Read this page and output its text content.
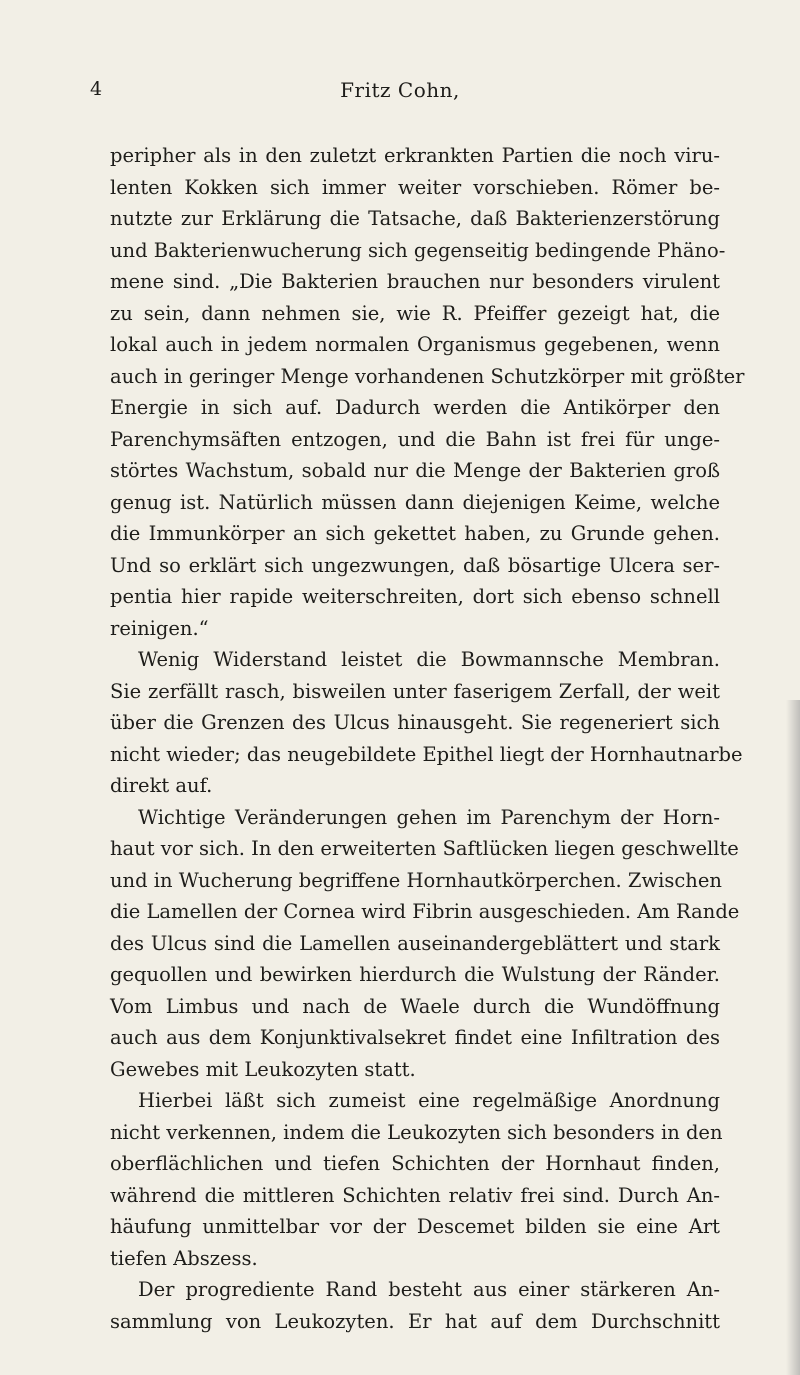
4	Fritz Cohn,
peripher als in den zuletzt erkrankten Partien die noch viru-
lenten Kokken sich immer weiter vorschieben. Römer be-
nutzte zur Erklärung die Tatsache, daß Bakterienzerstörung
und Bakterienwucherung sich gegenseitig bedingende Phäno-
mene sind. „Die Bakterien brauchen nur besonders virulent
zu sein, dann nehmen sie, wie R. Pfeiffer gezeigt hat, die
lokal auch in jedem normalen Organismus gegebenen, wenn
auch in geringer Menge vorhandenen Schutzkörper mit größter
Energie in sich auf. Dadurch werden die Antikörper den
Parenchymsäften entzogen, und die Bahn ist frei für unge-
störtes Wachstum, sobald nur die Menge der Bakterien groß
genug ist. Natürlich müssen dann diejenigen Keime, welche
die Immunkörper an sich gekettet haben, zu Grunde gehen.
Und so erklärt sich ungezwungen, daß bösartige Ulcera ser-
pentia hier rapide weiterschreiten, dort sich ebenso schnell
reinigen.“
Wenig Widerstand leistet die Bowmannsche Membran.
Sie zerfällt rasch, bisweilen unter faserigem Zerfall, der weit
über die Grenzen des Ulcus hinausgeht. Sie regeneriert sich
nicht wieder; das neugebildete Epithel liegt der Hornhautnarbe
direkt auf.
Wichtige Veränderungen gehen im Parenchym der Horn-
haut vor sich. In den erweiterten Saftlücken liegen geschwellte
und in Wucherung begriffene Hornhautkörperchen. Zwischen
die Lamellen der Cornea wird Fibrin ausgeschieden. Am Rande
des Ulcus sind die Lamellen auseinandergeblättert und stark
gequollen und bewirken hierdurch die Wulstung der Ränder.
Vom Limbus und nach de Waele durch die Wundöffnung
auch aus dem Konjunktivalsekret findet eine Infiltration des
Gewebes mit Leukozyten statt.
Hierbei läßt sich zumeist eine regelmäßige Anordnung
nicht verkennen, indem die Leukozyten sich besonders in den
oberflächlichen und tiefen Schichten der Hornhaut finden,
während die mittleren Schichten relativ frei sind. Durch An-
häufung unmittelbar vor der Descemet bilden sie eine Art
tiefen Abszess.
Der progrediente Rand besteht aus einer stärkeren An-
sammlung von Leukozyten. Er hat auf dem Durchschnitt
